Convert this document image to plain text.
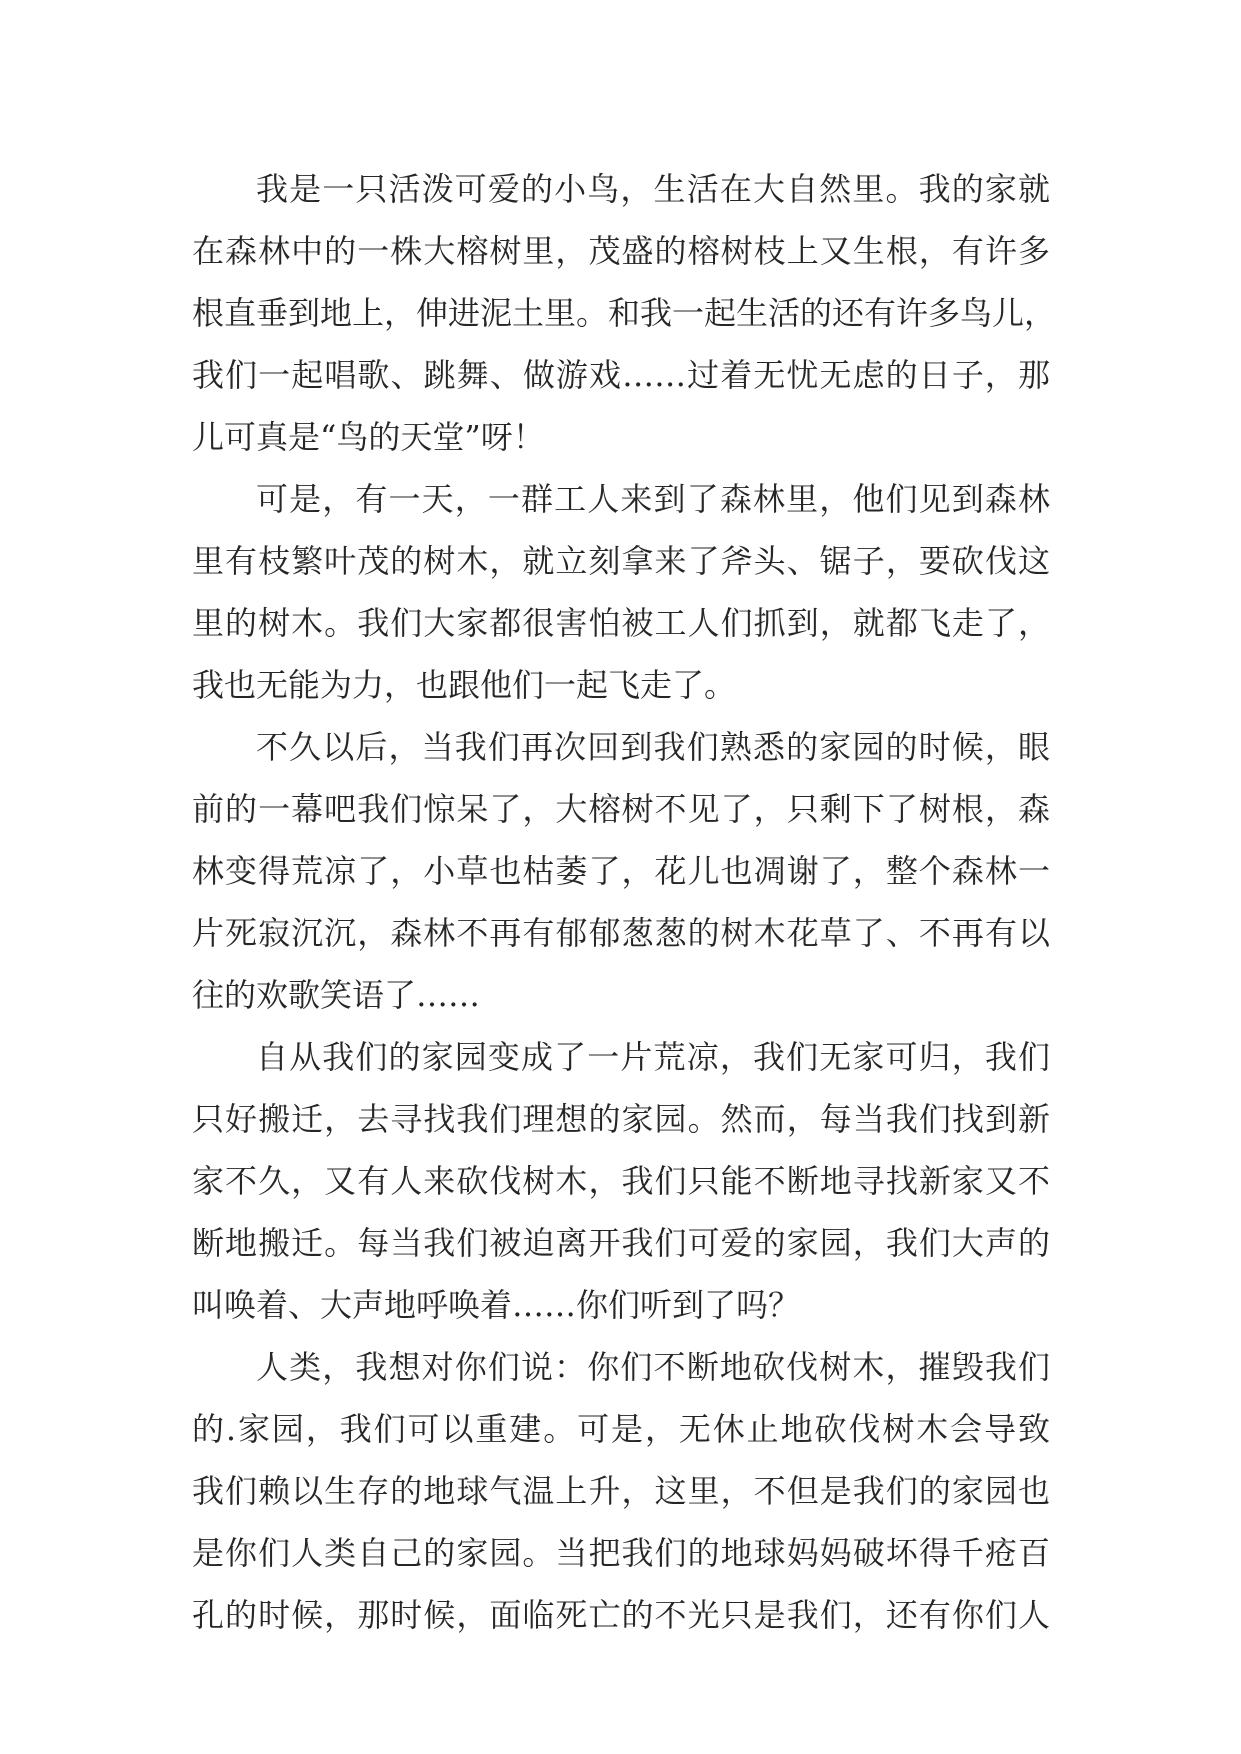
我是一只活泼可爱的小鸟，生活在大自然里。我的家就
在森林中的一株大榕树里，茂盛的榕树枝上又生根，有许多
根直垂到地上，伸进泥土里。和我一起生活的还有许多鸟儿，
我们一起唱歌、跳舞、做游戏……过着无忧无虑的日子，那
儿可真是“鸟的天堂”呀！

可是，有一天，一群工人来到了森林里，他们见到森林
里有枝繁叶茂的树木，就立刻拿来了斧头、锯子，要砍伐这
里的树木。我们大家都很害怕被工人们抓到，就都飞走了，
我也无能为力，也跟他们一起飞走了。

不久以后，当我们再次回到我们熟悉的家园的时候，眼
前的一幕吧我们惊呆了，大榕树不见了，只剩下了树根，森
林变得荒凉了，小草也枯萎了，花儿也凋谢了，整个森林一
片死寂沉沉，森林不再有郁郁葱葱的树木花草了、不再有以
往的欢歌笑语了……

自从我们的家园变成了一片荒凉，我们无家可归，我们
只好搬迁，去寻找我们理想的家园。然而，每当我们找到新
家不久，又有人来砍伐树木，我们只能不断地寻找新家又不
断地搬迁。每当我们被迫离开我们可爱的家园，我们大声的
叫唤着、大声地呼唤着……你们听到了吗？

人类，我想对你们说：你们不断地砍伐树木，摧毁我们
的.家园，我们可以重建。可是，无休止地砍伐树木会导致
我们赖以生存的地球气温上升，这里，不但是我们的家园也
是你们人类自己的家园。当把我们的地球妈妈破坏得千疮百
孔的时候，那时候，面临死亡的不光只是我们，还有你们人
